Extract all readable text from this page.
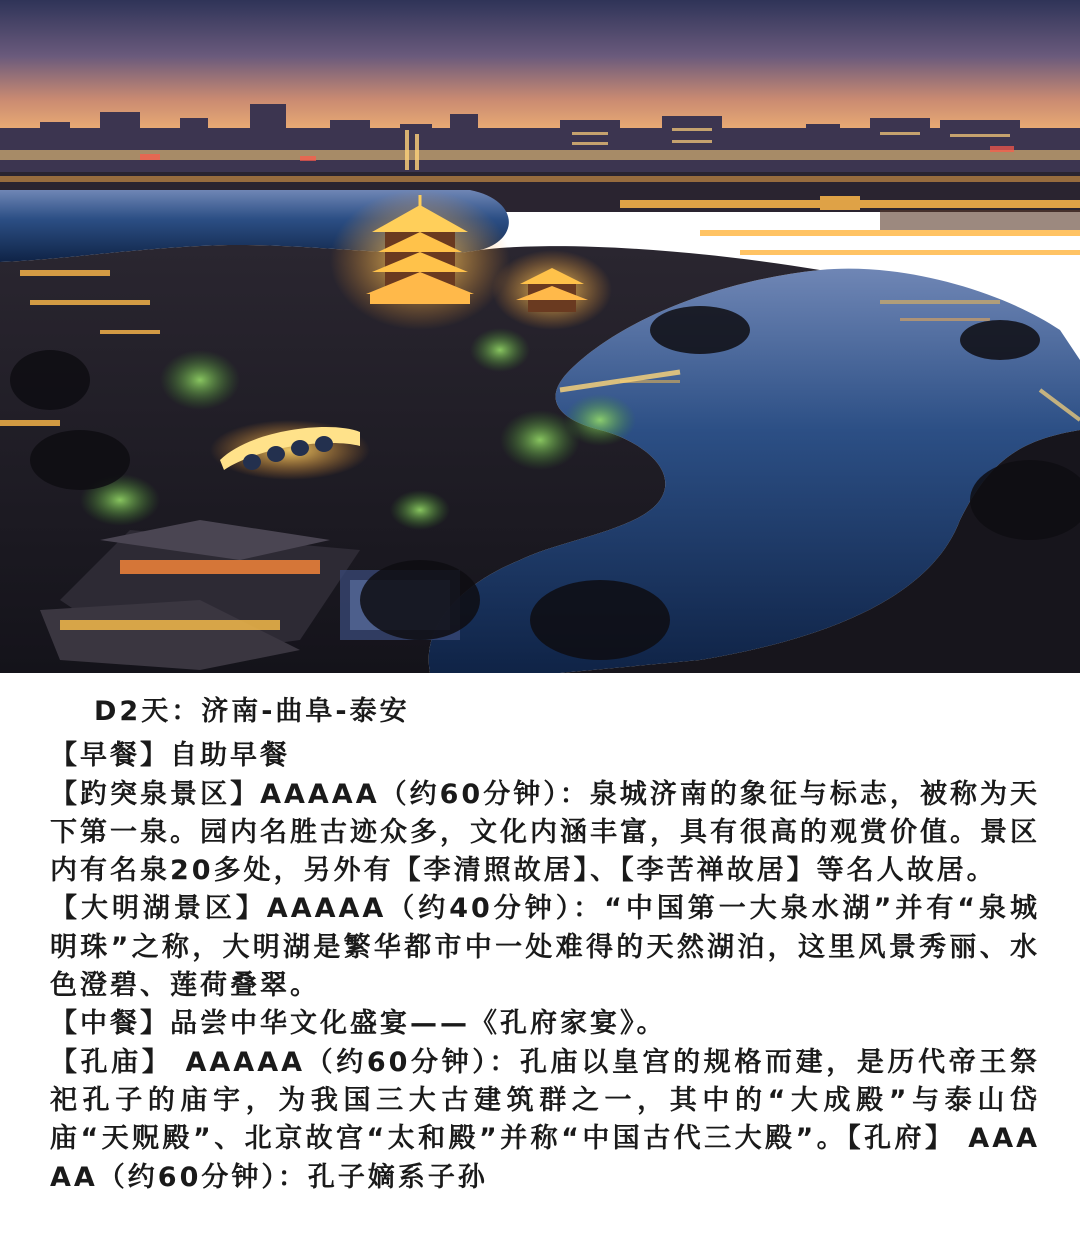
D2天：济南-曲阜-泰安

【早餐】自助早餐

【趵突泉景区】AAAAA（约60分钟）：泉城济南的象征与标志，被称为天下第一泉。园内名胜古迹众多，文化内涵丰富，具有很高的观赏价值。景区内有名泉20多处，另外有【李清照故居】、【李苦禅故居】等名人故居。

【大明湖景区】AAAAA（约40分钟）：“中国第一大泉水湖”并有“泉城明珠”之称，大明湖是繁华都市中一处难得的天然湖泊，这里风景秀丽、水色澄碧、莲荷叠翠。

【中餐】品尝中华文化盛宴——《孔府家宴》。

【孔庙】 AAAAA（约60分钟）：孔庙以皇宫的规格而建，是历代帝王祭祀孔子的庙宇，为我国三大古建筑群之一，其中的“大成殿”与泰山岱庙“天贶殿”、北京故宫“太和殿”并称“中国古代三大殿”。【孔府】 AAAAA（约60分钟）：孔子嫡系子孙
